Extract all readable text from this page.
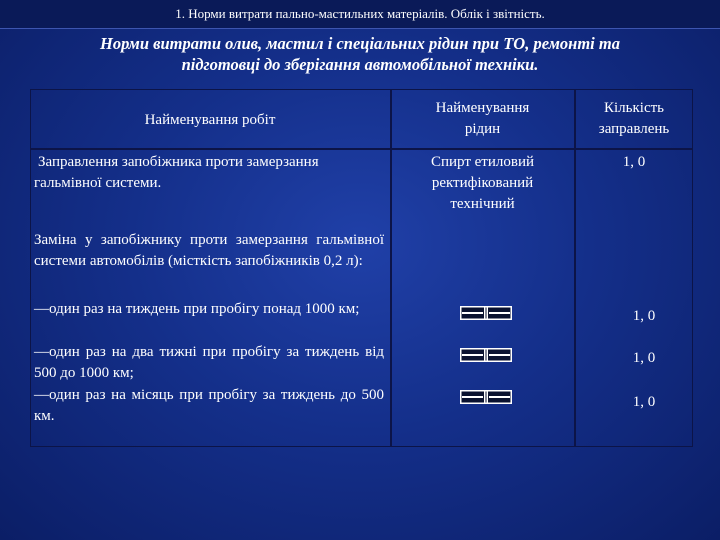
1. Норми витрати пально-мастильних матеріалів. Облік і звітність.
Норми витрати олив, мастил і спеціальних рідин при ТО, ремонті та
підготовці до зберігання автомобільної техніки.
Найменування робіт
Найменування
рідин
Кількість
заправлень
Заправлення запобіжника проти замерзання гальмівної системи.
Спирт етиловий
ректифікований
технічний
1, 0
Заміна у запобіжнику проти замерзання гальмівної системи автомобілів (місткість запобіжників 0,2 л):
—один раз на тиждень при пробігу понад 1000 км;
—один раз на два тижні при пробігу за тиждень від 500 до 1000 км;
—один раз на місяць при пробігу за тиждень до 500 км.
1, 0
1, 0
1, 0
